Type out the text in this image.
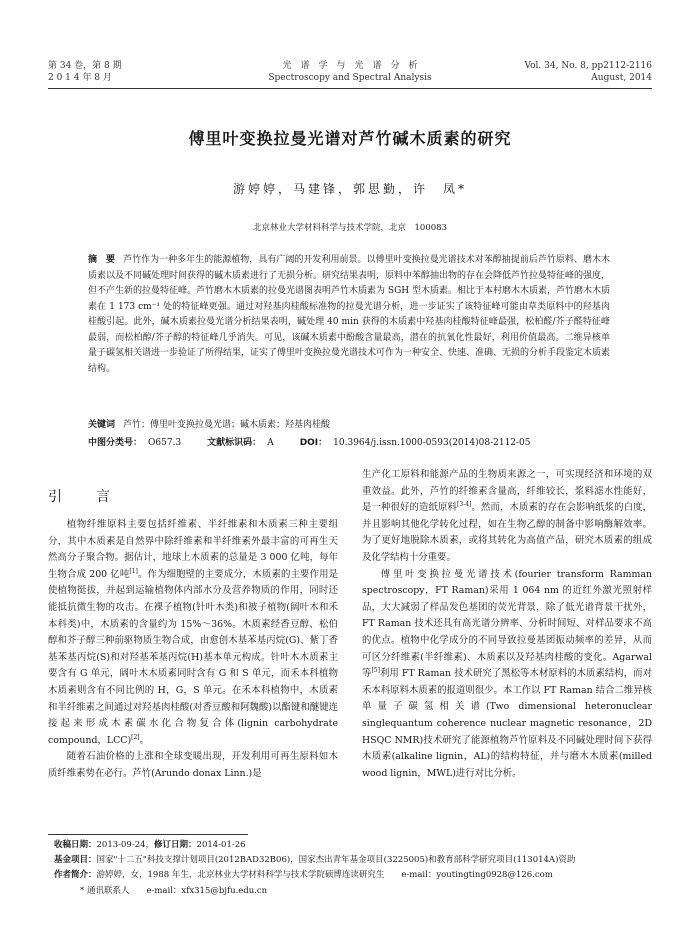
第 34 卷，第 8 期
2 0 1 4 年 8 月
光　谱　学　与　光　谱　分　析
Spectroscopy and Spectral Analysis
Vol. 34, No. 8, pp2112-2116
August, 2014
傅里叶变换拉曼光谱对芦竹碱木质素的研究
游婷婷，马建锋，郭思勤，许　凤*
北京林业大学材料科学与技术学院，北京　100083
摘　要 芦竹作为一种多年生的能源植物，具有广阔的开发利用前景。以傅里叶变换拉曼光谱技术对苯醇抽提前后芦竹原料、磨木木质素以及不同碱处理时间获得的碱木质素进行了无损分析。研究结果表明，原料中苯醇抽出物的存在会降低芦竹拉曼特征峰的强度，但不产生新的拉曼特征峰。芦竹磨木木质素的拉曼光谱图表明芦竹木质素为 SGH 型木质素。相比于本村磨木木质素，芦竹磨木木质素在 1 173 cm⁻¹ 处的特征峰更强。通过对羟基肉桂酸标准物的拉曼光谱分析，进一步证实了该特征峰可能由草类原料中的羟基肉桂酸引起。此外，碱木质素拉曼光谱分析结果表明，碱处理 40 min 获得的木质素中羟基肉桂酸特征峰最强，松柏醛/芥子醛特征峰最弱，而松柏醇/芥子醇的特征峰几乎消失。可见，该碱木质素中酚酸含量最高，潜在的抗氧化性最好，利用价值最高。二维异核单量子碳氢相关谱进一步验证了所得结果，证实了傅里叶变换拉曼光谱技术可作为一种安全、快速、准确、无损的分析手段鉴定木质素结构。
关键词 芦竹；傅里叶变换拉曼光谱；碱木质素；羟基肉桂酸
中图分类号： O657.3	文献标识码： A	DOI： 10.3964/j.issn.1000-0593(2014)08-2112-05
引　言

植物纤维原料主要包括纤维素、半纤维素和木质素三种主要组分，其中木质素是自然界中除纤维素和半纤维素外最丰富的可再生天然高分子聚合物。据估计，地球上木质素的总量是 3 000 亿吨，每年生物合成 200 亿吨[1]。作为细胞壁的主要成分，木质素的主要作用是使植物挺拔，并起到运输植物体内部水分及营养物质的作用，同时还能抵抗微生物的攻击。在裸子植物(针叶木类)和被子植物(阔叶木和禾本科类)中，木质素的含量约为 15%～36%。木质素经香豆醇、松伯醇和芥子醇三种前驱物质生物合成，由愈创木基苯基丙烷(G)、紫丁香基苯基丙烷(S)和对羟基苯基丙烷(H)基本单元构成。针叶木木质素主要含有 G 单元，阔叶木木质素同时含有 G 和 S 单元，而禾本科植物木质素则含有不同比例的 H，G，S 单元。在禾本科植物中，木质素和半纤维素之间通过对羟基肉桂酸(对香豆酸和阿魏酸)以酯键和醚键连接起来形成木素碳水化合物复合体(lignin carbohydrate compound，LCC)[2]。

随着石油价格的上涨和全球变暖出现，开发利用可再生原料如木质纤维素势在必行。芦竹(Arundo donax Linn.)是

生产化工原料和能源产品的生物质来源之一，可实现经济和环境的双重效益。此外，芦竹的纤维素含量高，纤维较长，浆料滤水性能好，是一种很好的造纸原料[3-4]。然而，木质素的存在会影响纸浆的白度，并且影响其他化学转化过程，如在生物乙醇的制备中影响酶解效率。为了更好地脱除木质素，或将其转化为高值产品，研究木质素的组成及化学结构十分重要。

傅里叶变换拉曼光谱技术(fourier transform Ramman spectroscopy，FT Raman)采用 1 064 nm 的近红外激光照射样品，大大减弱了样品发色基团的荧光背景，除了低光谱背景干扰外，FT Raman 技术还具有高光谱分辨率、分析时间短、对样品要求不高的优点。植物中化学成分的不同导致拉曼基团振动频率的差异，从而可区分纤维素(半纤维素)、木质素以及羟基肉桂酸的变化。Agarwal 等[5]利用 FT Raman 技术研究了黑松等木材原料的木质素结构，而对禾本科原料木质素的报道则很少。本工作以 FT Raman 结合二维异核单量子碳氢相关谱(Two dimensional heteronuclear singlequantum coherence nuclear magnetic resonance，2D HSQC NMR)技术研究了能源植物芦竹原料及不同碱处理时间下获得木质素(alkaline lignin，AL)的结构特征，并与磨木木质素(milled wood lignin，MWL)进行对比分析。

收稿日期：2013-09-24，修订日期：2014-01-26
基金项目：国家"十二五"科技支撑计划项目(2012BAD32B06)，国家杰出青年基金项目(3225005)和教育部科学研究项目(113014A)资助
作者简介：游婷婷，女，1988 年生，北京林业大学材料科学与技术学院硕博连读研究生　　e-mail：youtingting0928@126.com
* 通讯联系人　　e-mail：xfx315@bjfu.edu.cn
